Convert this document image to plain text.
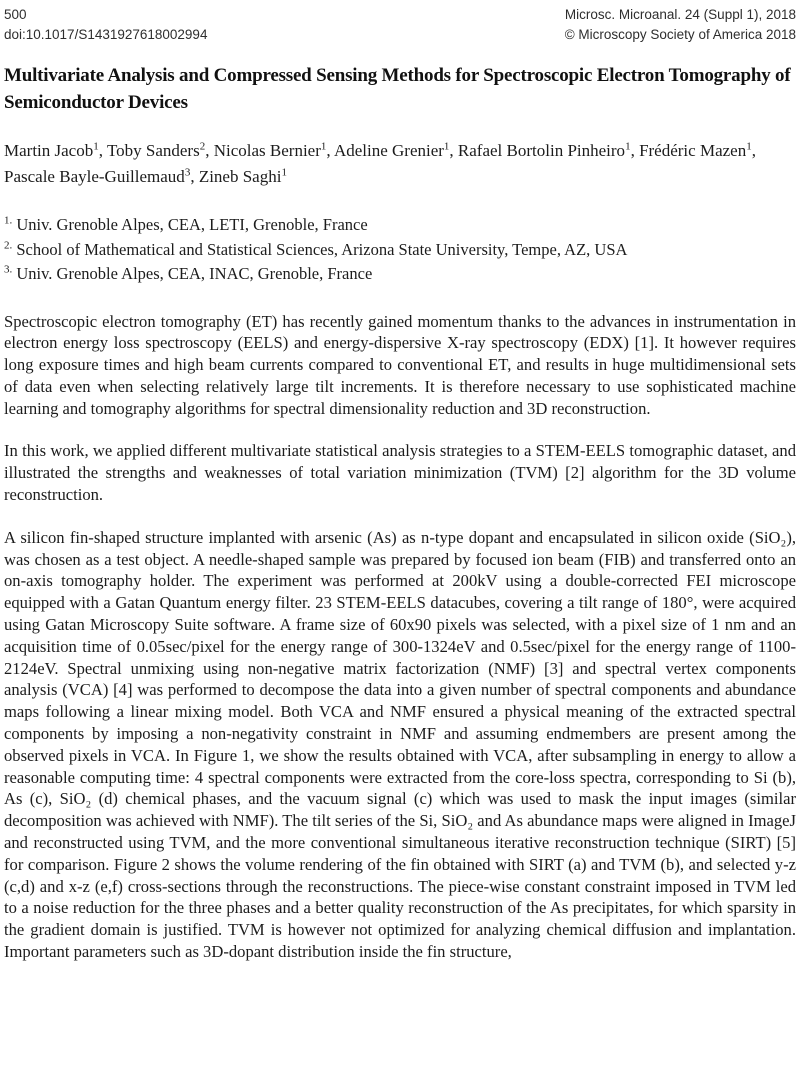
500
doi:10.1017/S1431927618002994
Microsc. Microanal. 24 (Suppl 1), 2018
© Microscopy Society of America 2018
Multivariate Analysis and Compressed Sensing Methods for Spectroscopic Electron Tomography of Semiconductor Devices
Martin Jacob$^1$, Toby Sanders$^2$, Nicolas Bernier$^1$, Adeline Grenier$^1$, Rafael Bortolin Pinheiro$^1$, Frédéric Mazen$^1$, Pascale Bayle-Guillemaud$^3$, Zineb Saghi$^1$
$^{1.}$ Univ. Grenoble Alpes, CEA, LETI, Grenoble, France
$^{2.}$ School of Mathematical and Statistical Sciences, Arizona State University, Tempe, AZ, USA
$^{3.}$ Univ. Grenoble Alpes, CEA, INAC, Grenoble, France

Spectroscopic electron tomography (ET) has recently gained momentum thanks to the advances in instrumentation in electron energy loss spectroscopy (EELS) and energy-dispersive X-ray spectroscopy (EDX) [1]. It however requires long exposure times and high beam currents compared to conventional ET, and results in huge multidimensional sets of data even when selecting relatively large tilt increments. It is therefore necessary to use sophisticated machine learning and tomography algorithms for spectral dimensionality reduction and 3D reconstruction.

In this work, we applied different multivariate statistical analysis strategies to a STEM-EELS tomographic dataset, and illustrated the strengths and weaknesses of total variation minimization (TVM) [2] algorithm for the 3D volume reconstruction.

A silicon fin-shaped structure implanted with arsenic (As) as n-type dopant and encapsulated in silicon oxide (SiO₂), was chosen as a test object. A needle-shaped sample was prepared by focused ion beam (FIB) and transferred onto an on-axis tomography holder. The experiment was performed at 200kV using a double-corrected FEI microscope equipped with a Gatan Quantum energy filter. 23 STEM-EELS datacubes, covering a tilt range of 180°, were acquired using Gatan Microscopy Suite software. A frame size of 60x90 pixels was selected, with a pixel size of 1 nm and an acquisition time of 0.05sec/pixel for the energy range of 300-1324eV and 0.5sec/pixel for the energy range of 1100-2124eV. Spectral unmixing using non-negative matrix factorization (NMF) [3] and spectral vertex components analysis (VCA) [4] was performed to decompose the data into a given number of spectral components and abundance maps following a linear mixing model. Both VCA and NMF ensured a physical meaning of the extracted spectral components by imposing a non-negativity constraint in NMF and assuming endmembers are present among the observed pixels in VCA. In Figure 1, we show the results obtained with VCA, after subsampling in energy to allow a reasonable computing time: 4 spectral components were extracted from the core-loss spectra, corresponding to Si (b), As (c), SiO₂ (d) chemical phases, and the vacuum signal (c) which was used to mask the input images (similar decomposition was achieved with NMF). The tilt series of the Si, SiO₂ and As abundance maps were aligned in ImageJ and reconstructed using TVM, and the more conventional simultaneous iterative reconstruction technique (SIRT) [5] for comparison. Figure 2 shows the volume rendering of the fin obtained with SIRT (a) and TVM (b), and selected y-z (c,d) and x-z (e,f) cross-sections through the reconstructions. The piece-wise constant constraint imposed in TVM led to a noise reduction for the three phases and a better quality reconstruction of the As precipitates, for which sparsity in the gradient domain is justified. TVM is however not optimized for analyzing chemical diffusion and implantation. Important parameters such as 3D-dopant distribution inside the fin structure,
